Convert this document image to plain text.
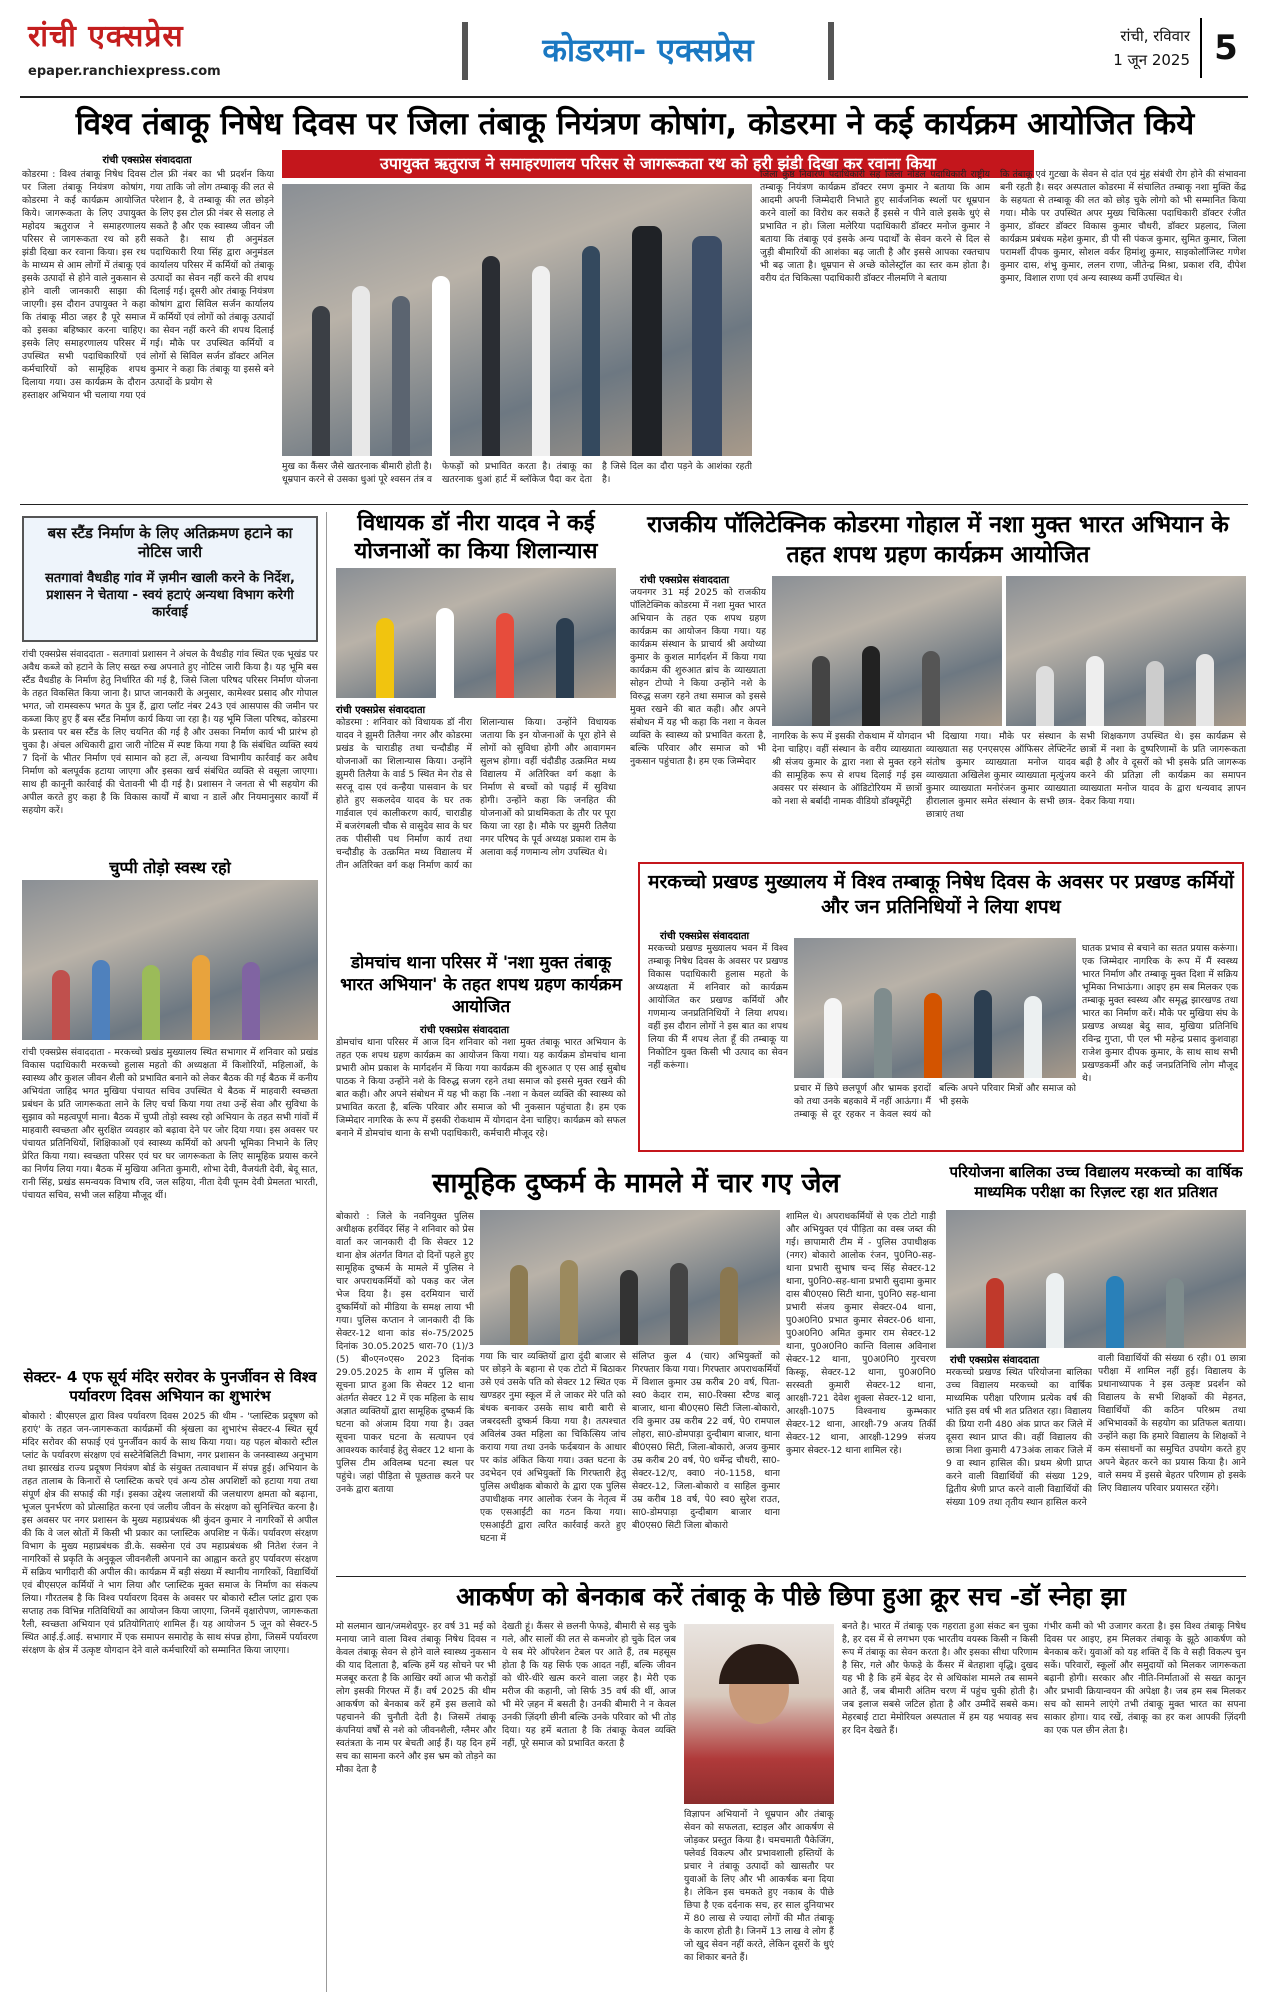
रांची एक्सप्रेस
epaper.ranchiexpress.com
कोडरमा- एक्सप्रेस	रांची, रविवार
1 जून 2025 5
विश्व तंबाकू निषेध दिवस पर जिला तंबाकू नियंत्रण कोषांग, कोडरमा ने कई कार्यक्रम आयोजित किये
उपायुक्त ऋतुराज ने समाहरणालय परिसर से जागरूकता रथ को हरी झंडी दिखा कर रवाना किया
रांची एक्सप्रेस संवाददाता
कोडरमा : विश्व तंबाकू निषेध दिवस पर जिला तंबाकू नियंत्रण कोषांग, कोडरमा ने कई कार्यक्रम आयोजित किये। जागरूकता के लिए उपायुक्त महोदय ऋतुराज ने समाहरणालय परिसर से जागरूकता रथ को हरी झंडी दिखा कर रवाना किया। इस रथ के माध्यम से आम लोगों में तंबाकू एवं इसके उत्पादों से होने वाले नुकसान से होने वाली जानकारी साझा की जाएगी। इस दौरान उपायुक्त ने कहा कि तंबाकू मीठा जहर है पूरे समाज को इसका बहिष्कार करना चाहिए। इसके लिए समाहरणालय परिसर में उपस्थित सभी पदाधिकारियों एवं कर्मचारियों को सामूहिक शपथ दिलाया गया। उस कार्यक्रम के दौरान हस्ताक्षर अभियान भी चलाया गया एवं
टोल फ्री नंबर का भी प्रदर्शन किया गया ताकि जो लोग तम्बाकू की लत से परेशान है, वे तम्बाकू की लत छोड़ने के लिए इस टोल फ्री नंबर से सलाह ले सकते है और एक स्वास्थ्य जीवन जी सकते है। साथ ही अनुमंडल पदाधिकारी रिया सिंह द्वारा अनुमंडल कार्यालय परिसर में कर्मियों को तंबाकू उत्पादों का सेवन नहीं करने की शपथ दिलाई गई। दूसरी ओर तंबाकू नियंत्रण कोषांग द्वारा सिविल सर्जन कार्यालय में कर्मियों एवं लोगों को तंबाकू उत्पादों का सेवन नहीं करने की शपथ दिलाई गई। मौके पर उपस्थित कर्मियों व लोगों से सिविल सर्जन डॉक्टर अनिल कुमार ने कहा कि तंबाकू या इससे बने उत्पादों के प्रयोग से
मुख का कैंसर जैसे खतरनाक बीमारी होती है। धूम्रपान करने से उसका धुआं पूरे श्वसन तंत्र व फेफड़ों को प्रभावित करता है। तंबाकू का खतरनाक धुआं हार्ट में ब्लॉकेज पैदा कर देता है जिसे दिल का दौरा पड़ने के आशंका रहती है।
जिला कुष्ठ निवारण पदाधिकारी सह जिला नोडल पदाधिकारी राष्ट्रीय तम्बाकू नियंत्रण कार्यक्रम डॉक्टर रमण कुमार ने बताया कि आम आदमी अपनी जिम्मेदारी निभाते हुए सार्वजनिक स्थलों पर धूम्रपान करने वालों का विरोध कर सकते हैं इससे न पीने वाले इसके धुएं से प्रभावित न हो। जिला मलेरिया पदाधिकारी डॉक्टर मनोज कुमार ने बताया कि तंबाकू एवं इसके अन्य पदार्थों के सेवन करने से दिल से जुड़ी बीमारियों की आशंका बढ़ जाती है और इससे आपका रक्तचाप भी बढ़ जाता है। धूम्रपान से अच्छे कोलेस्ट्रॉल का स्तर कम होता है। वरीय दंत चिकित्सा पदाधिकारी डॉक्टर नीलमणि ने बताया
कि तंबाकू एवं गुटखा के सेवन से दांत एवं मुंह संबंधी रोग होने की संभावना बनी रहती है। सदर अस्पताल कोडरमा में संचालित तम्बाकू नशा मुक्ति केंद्र के सहयता से तम्बाकू की लत को छोड़ चुके लोगो को भी सम्मानित किया गया। मौके पर उपस्थित अपर मुख्य चिकित्सा पदाधिकारी डॉक्टर रंजीत कुमार, डॉक्टर डॉक्टर विकास कुमार चौधरी, डॉक्टर प्रहलाद, जिला कार्यक्रम प्रबंधक महेश कुमार, डी पी सी पंकज कुमार, सुमित कुमार, जिला परामर्शी दीपक कुमार, सोशल वर्कर हिमांशु कुमार, साइकोलॉजिस्ट गणेश कुमार दास, शंभु कुमार, ललन राणा, जीतेन्द्र मिश्रा, प्रकाश रवि, दीपेश कुमार, विशाल राणा एवं अन्य स्वास्थ्य कर्मी उपस्थित थे।
बस स्टैंड निर्माण के लिए अतिक्रमण हटाने का नोटिस जारी
सतगावां वैधडीह गांव में ज़मीन खाली करने के निर्देश, प्रशासन ने चेताया - स्वयं हटाएं अन्यथा विभाग करेगी कार्रवाई
रांची एक्सप्रेस संवाददाता - सतगावां प्रशासन ने अंचल के वैधडीह गांव स्थित एक भूखंड पर अवैध कब्जे को हटाने के लिए सख्त रुख अपनाते हुए नोटिस जारी किया है। यह भूमि बस स्टैंड वैधडीह के निर्माण हेतु निर्धारित की गई है, जिसे जिला परिषद परिसर निर्माण योजना के तहत विकसित किया जाना है। प्राप्त जानकारी के अनुसार, कामेश्वर प्रसाद और गोपाल भगत, जो रामस्वरूप भगत के पुत्र हैं, द्वारा प्लॉट नंबर 243 एवं आसपास की जमीन पर कब्जा किए हुए हैं बस स्टैंड निर्माण कार्य किया जा रहा है। यह भूमि जिला परिषद, कोडरमा के प्रस्ताव पर बस स्टैंड के लिए चयनित की गई है और उसका निर्माण कार्य भी प्रारंभ हो चुका है। अंचल अधिकारी द्वारा जारी नोटिस में स्पष्ट किया गया है कि संबंधित व्यक्ति स्वयं 7 दिनों के भीतर निर्माण एवं सामान को हटा लें, अन्यथा विभागीय कार्रवाई कर अवैध निर्माण को बलपूर्वक हटाया जाएगा और इसका खर्च संबंधित व्यक्ति से वसूला जाएगा। साथ ही कानूनी कार्रवाई की चेतावनी भी दी गई है। प्रशासन ने जनता से भी सहयोग की अपील करते हुए कहा है कि विकास कार्यों में बाधा न डालें और नियमानुसार कार्यों में सहयोग करें।
चुप्पी तोड़ो स्वस्थ रहो
रांची एक्सप्रेस संवाददाता - मरकच्चो प्रखंड मुख्यालय स्थित सभागार में शनिवार को प्रखंड विकास पदाधिकारी मरकच्चो हुलास महतो की अध्यक्षता में किशोरियों, महिलाओं, के स्वास्थ्य और कुशल जीवन शैली को प्रभावित बनाने को लेकर बैठक की गई बैठक में कनीय अभियंता जाहिद भगत मुखिया पंचायत सचिव उपस्थित थे बैठक में माहवारी स्वच्छता प्रबंधन के प्रति जागरूकता लाने के लिए चर्चा किया गया तथा उन्हें सेवा और सुविधा के सुझाव को महत्वपूर्ण माना। बैठक में चुप्पी तोड़ो स्वस्थ रहो अभियान के तहत सभी गांवों में माहवारी स्वच्छता और सुरक्षित व्यवहार को बढ़ावा देने पर जोर दिया गया। इस अवसर पर पंचायत प्रतिनिधियों, शिक्षिकाओं एवं स्वास्थ्य कर्मियों को अपनी भूमिका निभाने के लिए प्रेरित किया गया। स्वच्छता परिसर एवं घर घर जागरूकता के लिए सामूहिक प्रयास करने का निर्णय लिया गया। बैठक में मुखिया अनिता कुमारी, शोभा देवी, वैजयंती देवी, बेदू सात, रानी सिंह, प्रखंड समन्वयक विभाष रवि, जल सहिया, नीता देवी पूनम देवी प्रेमलता भारती, पंचायत सचिव, सभी जल सहिया मौजूद थीं।
सेक्टर- 4 एफ सूर्य मंदिर सरोवर के पुनर्जीवन से विश्व पर्यावरण दिवस अभियान का शुभारंभ
बोकारो : बीएसएल द्वारा विश्व पर्यावरण दिवस 2025 की थीम - 'प्लास्टिक प्रदूषण को हराएं' के तहत जन-जागरूकता कार्यक्रमों की श्रृंखला का शुभारंभ सेक्टर-4 स्थित सूर्य मंदिर सरोवर की सफाई एवं पुनर्जीवन कार्य के साथ किया गया। यह पहल बोकारो स्टील प्लांट के पर्यावरण संरक्षण एवं सस्टेनेबिलिटी विभाग, नगर प्रशासन के जनस्वास्थ्य अनुभाग तथा झारखंड राज्य प्रदूषण नियंत्रण बोर्ड के संयुक्त तत्वावधान में संपन्न हुई। अभियान के तहत तालाब के किनारों से प्लास्टिक कचरे एवं अन्य ठोस अपशिष्टों को हटाया गया तथा संपूर्ण क्षेत्र की सफाई की गई। इसका उद्देश्य जलाशयों की जलधारण क्षमता को बढ़ाना, भूजल पुनर्भरण को प्रोत्साहित करना एवं जलीय जीवन के संरक्षण को सुनिश्चित करना है। इस अवसर पर नगर प्रशासन के मुख्य महाप्रबंधक श्री कुंदन कुमार ने नागरिकों से अपील की कि वे जल स्रोतों में किसी भी प्रकार का प्लास्टिक अपशिष्ट न फेंकें। पर्यावरण संरक्षण विभाग के मुख्य महाप्रबंधक डी.के. सक्सेना एवं उप महाप्रबंधक श्री नितेश रंजन ने नागरिकों से प्रकृति के अनुकूल जीवनशैली अपनाने का आह्वान करते हुए पर्यावरण संरक्षण में सक्रिय भागीदारी की अपील की। कार्यक्रम में बड़ी संख्या में स्थानीय नागरिकों, विद्यार्थियों एवं बीएसएल कर्मियों ने भाग लिया और प्लास्टिक मुक्त समाज के निर्माण का संकल्प लिया। गौरतलब है कि विश्व पर्यावरण दिवस के अवसर पर बोकारो स्टील प्लांट द्वारा एक सप्ताह तक विभिन्न गतिविधियों का आयोजन किया जाएगा, जिनमें वृक्षारोपण, जागरूकता रैली, स्वच्छता अभियान एवं प्रतियोगिताएं शामिल हैं। यह आयोजन 5 जून को सेक्टर-5 स्थित आई.ई.आई. सभागार में एक समापन समारोह के साथ संपन्न होगा, जिसमें पर्यावरण संरक्षण के क्षेत्र में उत्कृष्ट योगदान देने वाले कर्मचारियों को सम्मानित किया जाएगा।
विधायक डॉ नीरा यादव ने कई योजनाओं का किया शिलान्यास
रांची एक्सप्रेस संवाददाता
कोडरमा : शनिवार को विधायक डॉ नीरा यादव ने झुमरी तिलैया नगर और कोडरमा प्रखंड के चाराडीह तथा चन्दौडीह में योजनाओं का शिलान्यास किया। उन्होंने झुमरी तिलैया के वार्ड 5 स्थित मेन रोड से सरजू दास एवं कन्हैया पासवान के घर होते हुए सकलदेव यादव के घर तक गार्डवाल एवं कालीकरण कार्य, चाराडीह में बजरंगबली चौक से वासुदेव साव के घर तक पीसीसी पथ निर्माण कार्य तथा चन्दौडीह के उत्क्रमित मध्य विद्यालय में तीन अतिरिक्त वर्ग कक्ष निर्माण कार्य का शिलान्यास किया। उन्होंने विधायक जताया कि इन योजनाओं के पूरा होने से लोगों को सुविधा होगी और आवागमन सुलभ होगा। वहीं चंदौडीह उत्क्रमित मध्य विद्यालय में अतिरिक्त वर्ग कक्षा के निर्माण से बच्चों को पढ़ाई में सुविधा होगी। उन्होंने कहा कि जनहित की योजनाओं को प्राथमिकता के तौर पर पूरा किया जा रहा है। मौके पर झुमरी तिलैया नगर परिषद के पूर्व अध्यक्ष प्रकाश राम के अलावा कई गणमान्य लोग उपस्थित थे।
डोमचांच थाना परिसर में 'नशा मुक्त तंबाकू भारत अभियान' के तहत शपथ ग्रहण कार्यक्रम आयोजित
रांची एक्सप्रेस संवाददाता
डोमचांच थाना परिसर में आज दिन शनिवार को नशा मुक्त तंबाकू भारत अभियान के तहत एक शपथ ग्रहण कार्यक्रम का आयोजन किया गया। यह कार्यक्रम डोमचांच थाना प्रभारी ओम प्रकाश के मार्गदर्शन में किया गया कार्यक्रम की शुरुआत ए एस आई सुबोध पाठक ने किया उन्होंने नशे के विरुद्ध सजग रहने तथा समाज को इससे मुक्त रखने की बात कही। और अपने संबोधन में यह भी कहा कि -नशा न केवल व्यक्ति की स्वास्थ्य को प्रभावित करता है, बल्कि परिवार और समाज को भी नुकसान पहुंचाता है। हम एक जिम्मेदार नागरिक के रूप में इसकी रोकथाम में योगदान देना चाहिए। कार्यक्रम को सफल बनाने में डोमचांच थाना के सभी पदाधिकारी, कर्मचारी मौजूद रहे।
राजकीय पॉलिटेक्निक कोडरमा गोहाल में नशा मुक्त भारत अभियान के तहत शपथ ग्रहण कार्यक्रम आयोजित
रांची एक्सप्रेस संवाददाता
जयनगर 31 मई 2025 को राजकीय पॉलिटेक्निक कोडरमा में नशा मुक्त भारत अभियान के तहत एक शपथ ग्रहण कार्यक्रम का आयोजन किया गया। यह कार्यक्रम संस्थान के प्राचार्य श्री अयोध्या कुमार के कुशल मार्गदर्शन में किया गया कार्यक्रम की शुरुआत ब्रांच के व्याख्याता सोहन टोप्पो ने किया उन्होंने नशे के विरुद्ध सजग रहने तथा समाज को इससे मुक्त रखने की बात कही। और अपने संबोधन में यह भी कहा कि नशा न केवल व्यक्ति के स्वास्थ्य को प्रभावित करता है, बल्कि परिवार और समाज को भी नुकसान पहुंचाता है। हम एक जिम्मेदार
नागरिक के रूप में इसकी रोकथाम में योगदान देना चाहिए। वहीं संस्थान के वरीय व्याख्याता श्री संजय कुमार के द्वारा नशा से मुक्त रहने की सामूहिक रूप से शपथ दिलाई गई इस अवसर पर संस्थान के ऑडिटोरियम में छात्रों को नशा से बर्बादी नामक वीडियो डॉक्यूमेंट्री
भी दिखाया गया। मौके पर संस्थान के व्याख्याता सह एनएसएस ऑफिसर लेफ्टिनेंट संतोष कुमार व्याख्याता मनोज यादव व्याख्याता अखिलेश कुमार व्याख्याता मृत्युंजय कुमार व्याख्याता मनोरंजन कुमार व्याख्याता हीरालाल कुमार समेत संस्थान के सभी छात्र-छात्राएं तथा
सभी शिक्षकगण उपस्थित थे। इस कार्यक्रम से छात्रों में नशा के दुष्परिणामों के प्रति जागरूकता बढ़ी है और वे दूसरों को भी इसके प्रति जागरूक करने की प्रतिज्ञा ली कार्यक्रम का समापन व्याख्याता मनोज यादव के द्वारा धन्यवाद ज्ञापन देकर किया गया।
मरकच्चो प्रखण्ड मुख्यालय में विश्व तम्बाकू निषेध दिवस के अवसर पर प्रखण्ड कर्मियों और जन प्रतिनिधियों ने लिया शपथ
रांची एक्सप्रेस संवाददाता
मरकच्चो प्रखण्ड मुख्यालय भवन में विश्व तम्बाकू निषेध दिवस के अवसर पर प्रखण्ड विकास पदाधिकारी हुलास महतो के अध्यक्षता में शनिवार को कार्यक्रम आयोजित कर प्रखण्ड कर्मियों और गणमान्य जनप्रतिनिधियों ने लिया शपथ। वहीं इस दौरान लोगों ने इस बात का शपथ लिया की मैं शपथ लेता हूँ की तम्बाकू या निकोटिन युक्त किसी भी उत्पाद का सेवन नहीं करूंगा।
प्रचार में छिपे छलपूर्ण और भ्रामक इरादों को तथा उनके बहकावे में नहीं आऊंगा। मैं तम्बाकू से दूर रहकर न केवल स्वयं को बल्कि अपने परिवार मित्रों और समाज को भी इसके
घातक प्रभाव से बचाने का सतत प्रयास करूंगा। एक जिम्मेदार नागरिक के रूप में मैं स्वस्थ्य भारत निर्माण और तम्बाकू मुक्त दिशा में सक्रिय भूमिका निभाऊंगा। आइए हम सब मिलकर एक तम्बाकू मुक्त स्वस्थ्य और समृद्ध झारखण्ड तथा भारत का निर्माण करें। मौके पर मुखिया संघ के प्रखण्ड अध्यक्ष बेदु साव, मुखिया प्रतिनिधि रविन्द्र गुप्ता, पी एल भी महेन्द्र प्रसाद कुशवाहा राजेश कुमार दीपक कुमार, के साथ साथ सभी प्रखण्डकर्मी और कई जनप्रतिनिधि लोग मौजूद थे।
सामूहिक दुष्कर्म के मामले में चार गए जेल
बोकारो : जिले के नवनियुक्त पुलिस अधीक्षक हरविंदर सिंह ने शनिवार को प्रेस वार्ता कर जानकारी दी कि सेक्टर 12 थाना क्षेत्र अंतर्गत विगत दो दिनों पहले हुए सामूहिक दुष्कर्म के मामले में पुलिस ने चार अपराधकर्मियों को पकड़ कर जेल भेज दिया है। इस दरमियान चारों दुष्कर्मियों को मीडिया के समक्ष लाया भी गया। पुलिस कप्तान ने जानकारी दी कि सेक्टर-12 थाना कांड सं०-75/2025 दिनांक 30.05.2025 धारा-70 (1)/3 (5) बी०एन०एस० 2023 दिनांक 29.05.2025 के शाम में पुलिस को सूचना प्राप्त हुआ कि सेक्टर 12 थाना अंतर्गत सेक्टर 12 में एक महिला के साथ अज्ञात व्यक्तियों द्वारा सामूहिक दुष्कर्म कि घटना को अंजाम दिया गया है। उक्त सूचना पाकर घटना के सत्यापन एवं आवश्यक कार्रवाई हेतु सेक्टर 12 थाना के पुलिस टीम अविलम्ब घटना स्थल पर पहुंचे। जहां पीड़िता से पूछताछ करने पर उनके द्वारा बताया
गया कि चार व्यक्तियों द्वारा दुंदी बाजार से पर छोड़ने के बहाना से एक टोटो में बिठाकर उसे एवं उसके पति को सेक्टर 12 स्थित एक खण्डहर नुमा स्कूल में ले जाकर मेरे पति को बंधक बनाकर उसके साथ बारी बारी से जबरदस्ती दुष्कर्म किया गया है। तत्पश्चात अविलंब उक्त महिला का चिकित्सिय जांच कराया गया तथा उनके फर्दबयान के आधार पर कांड अंकित किया गया। उक्त घटना के उदभेदन एवं अभियुक्तों कि गिरफ्तारी हेतु पुलिस अधीक्षक बोकारो के द्वारा एक पुलिस उपाधीक्षक नगर आलोक रंजन के नेतृत्व में एक एसआईटी का गठन किया गया। एसआईटी द्वारा त्वरित कार्रवाई करते हुए घटना में
संलिप्त कुल 4 (चार) अभियुक्तों को गिरफ्तार किया गया। गिरफ्तार अपराधकर्मियों में विशाल कुमार उम्र करीब 20 वर्ष, पिता- स्व0 केदार राम, सा0-रिक्सा स्टैण्ड बालू बाजार, थाना बी0एस0 सिटी जिला-बोकारो, रवि कुमार उम्र करीब 22 वर्ष, पे0 रामपाल लोहरा, सा0-डोमपाड़ा दुन्दीबाग बाजार, थाना बी0एस0 सिटी, जिला-बोकारो, अजय कुमार उम्र करीब 20 वर्ष, पे0 धर्मेन्द्र चौधरी, सा0-सेक्टर-12/ए, क्वा0 नं0-1158, थाना सेक्टर-12, जिला-बोकारो व साहिल कुमार उम्र करीब 18 वर्ष, पे0 स्व0 सुरेश राउत, सा0-डोमपाड़ा दुन्दीबाग बाजार थाना बी0एस0 सिटी जिला बोकारो
शामिल थे। अपराधकर्मियों से एक टोटो गाड़ी और अभियुक्त एवं पीड़िता का वस्त्र जब्त की गई। छापामारी टीम में - पुलिस उपाधीक्षक (नगर) बोकारो आलोक रंजन, पु0नि0-सह-थाना प्रभारी सुभाष चन्द सिंह सेक्टर-12 थाना, पु0नि0-सह-थाना प्रभारी सुदामा कुमार दास बी0एस0 सिटी थाना, पु0नि0 सह-थाना प्रभारी संजय कुमार सेक्टर-04 थाना, पु0अ0नि0 प्रभात कुमार सेक्टर-06 थाना, पु0अ0नि0 अमित कुमार राम सेक्टर-12 थाना, पु0अ0नि0 कान्ति विलास अविनाश सेक्टर-12 थाना, पु0अ0नि0 गुरचरण किस्कू, सेक्टर-12 थाना, पु0अ0नि0 सरस्वती कुमारी सेक्टर-12 थाना, आरक्षी-721 देवेश शुक्ला सेक्टर-12 थाना, आरक्षी-1075 विश्वनाथ कुम्भकार सेक्टर-12 थाना, आरक्षी-79 अजय तिर्की सेक्टर-12 थाना, आरक्षी-1299 संजय कुमार सेक्टर-12 थाना शामिल रहे।
परियोजना बालिका उच्च विद्यालय मरकच्चो का वार्षिक माध्यमिक परीक्षा का रिज़ल्ट रहा शत प्रतिशत
रांची एक्सप्रेस संवाददाता
मरकच्चो प्रखण्ड स्थित परियोजना बालिका उच्च विद्यालय मरकच्चो का वार्षिक माध्यमिक परीक्षा परिणाम प्रत्येक वर्ष की भांति इस वर्ष भी शत प्रतिशत रहा। विद्यालय की प्रिया रानी 480 अंक प्राप्त कर जिले में दूसरा स्थान प्राप्त की। वहीं विद्यालय की छात्रा निशा कुमारी 473अंक लाकर जिले में 9 वा स्थान हासिल की। प्रथम श्रेणी प्राप्त करने वाली विद्यार्थियों की संख्या 129, द्वितीय श्रेणी प्राप्त करने वाली विद्यार्थियों की संख्या 109 तथा तृतीय स्थान हासिल करने
वाली विद्यार्थियों की संख्या 6 रही। 01 छात्रा परीक्षा में शामिल नहीं हुई। विद्यालय के प्रधानाध्यापक ने इस उत्कृष्ट प्रदर्शन को विद्यालय के सभी शिक्षकों की मेहनत, विद्यार्थियों की कठिन परिश्रम तथा अभिभावकों के सहयोग का प्रतिफल बताया। उन्होंने कहा कि हमारे विद्यालय के शिक्षकों ने कम संसाधनों का समुचित उपयोग करते हुए अपने बेहतर करने का प्रयास किया है। आने वाले समय में इससे बेहतर परिणाम हो इसके लिए विद्यालय परिवार प्रयासरत रहेंगे।
आकर्षण को बेनकाब करें तंबाकू के पीछे छिपा हुआ क्रूर सच -डॉ स्नेहा झा
मो सलमान खान/जमशेदपुर- हर वर्ष 31 मई को मनाया जाने वाला विश्व तंबाकू निषेध दिवस न केवल तंबाकू सेवन से होने वाले स्वास्थ्य नुकसान की याद दिलाता है, बल्कि हमें यह सोचने पर भी मजबूर करता है कि आखिर क्यों आज भी करोड़ों लोग इसकी गिरफ्त में हैं। वर्ष 2025 की थीम आकर्षण को बेनकाब करें हमें इस छलावे को पहचानने की चुनौती देती है। जिसमें तंबाकू कंपनियां वर्षों से नशे को जीवनशैली, ग्लैमर और स्वतंत्रता के नाम पर बेचती आई हैं। यह दिन हमें सच का सामना करने और इस भ्रम को तोड़ने का मौका देता है
देखती हूं। कैंसर से छलनी फेफड़े, बीमारी से सड़ चुके गले, और सालों की लत से कमजोर हो चुके दिल जब ये सब मेरे ऑपरेशन टेबल पर आते हैं, तब महसूस होता है कि यह सिर्फ एक आदत नहीं, बल्कि जीवन को धीरे-धीरे खत्म करने वाला जहर है। मेरी एक मरीज की कहानी, जो सिर्फ 35 वर्ष की थीं, आज भी मेरे ज़हन में बसती है। उनकी बीमारी ने न केवल उनकी ज़िंदगी छीनी बल्कि उनके परिवार को भी तोड़ दिया। यह हमें बताता है कि तंबाकू केवल व्यक्ति नहीं, पूरे समाज को प्रभावित करता है
विज्ञापन अभियानों ने धूम्रपान और तंबाकू सेवन को सफलता, स्टाइल और आकर्षण से जोड़कर प्रस्तुत किया है। चमचमाती पैकेजिंग, फ्लेवर्ड विकल्प और प्रभावशाली हस्तियों के प्रचार ने तंबाकू उत्पादों को खासतौर पर युवाओं के लिए और भी आकर्षक बना दिया है। लेकिन इस चमकते हुए नकाब के पीछे छिपा है एक दर्दनाक सच, हर साल दुनियाभर में 80 लाख से ज्यादा लोगों की मौत तंबाकू के कारण होती है। जिनमें 13 लाख वे लोग हैं जो खुद सेवन नहीं करते, लेकिन दूसरों के धुएं का शिकार बनते हैं।
बनते है। भारत में तंबाकू एक गहराता हुआ संकट बन चुका है, हर दस में से लगभग एक भारतीय वयस्क किसी न किसी रूप में तंबाकू का सेवन करता है। और इसका सीधा परिणाम है सिर, गले और फेफड़े के कैंसर में बेतहाशा वृद्धि। दुखद यह भी है कि हमें बेहद देर से अधिकांश मामले तब सामने आते हैं, जब बीमारी अंतिम चरण में पहुंच चुकी होती है। जब इलाज सबसे जटिल होता है और उम्मीदें सबसे कम। मेहरबाई टाटा मेमोरियल अस्पताल में हम यह भयावह सच हर दिन देखते हैं।
गंभीर कमी को भी उजागर करता है। इस विश्व तंबाकू निषेध दिवस पर आइए, हम मिलकर तंबाकू के झूठे आकर्षण को बेनकाब करें। युवाओं को यह शक्ति दें कि वे सही विकल्प चुन सकें। परिवारों, स्कूलों और समुदायों को मिलकर जागरूकता बढ़ानी होगी। सरकार और नीति-निर्माताओं से सख्त कानून और प्रभावी क्रियान्वयन की अपेक्षा है। जब हम सब मिलकर सच को सामने लाएंगे तभी तंबाकू मुक्त भारत का सपना साकार होगा। याद रखें, तंबाकू का हर कश आपकी ज़िंदगी का एक पल छीन लेता है।
